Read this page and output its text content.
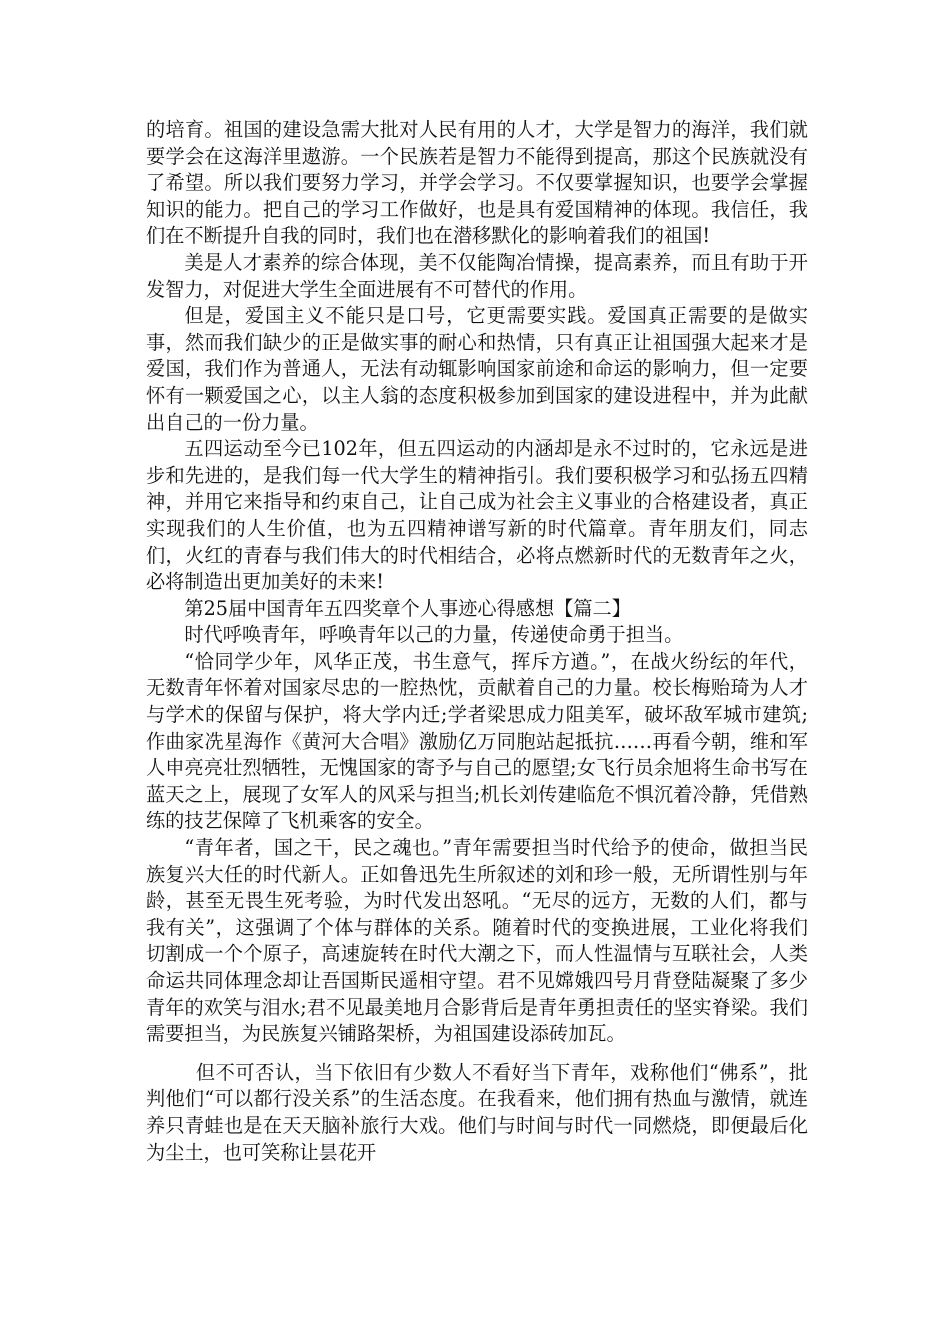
的培育。祖国的建设急需大批对人民有用的人才，大学是智力的海洋，我们就要学会在这海洋里遨游。一个民族若是智力不能得到提高，那这个民族就没有了希望。所以我们要努力学习，并学会学习。不仅要掌握知识，也要学会掌握知识的能力。把自己的学习工作做好，也是具有爱国精神的体现。我信任，我们在不断提升自我的同时，我们也在潜移默化的影响着我们的祖国!

美是人才素养的综合体现，美不仅能陶冶情操，提高素养，而且有助于开发智力，对促进大学生全面进展有不可替代的作用。

但是，爱国主义不能只是口号，它更需要实践。爱国真正需要的是做实事，然而我们缺少的正是做实事的耐心和热情，只有真正让祖国强大起来才是爱国，我们作为普通人，无法有动辄影响国家前途和命运的影响力，但一定要怀有一颗爱国之心，以主人翁的态度积极参加到国家的建设进程中，并为此献出自己的一份力量。

五四运动至今已102年，但五四运动的内涵却是永不过时的，它永远是进步和先进的，是我们每一代大学生的精神指引。我们要积极学习和弘扬五四精神，并用它来指导和约束自己，让自己成为社会主义事业的合格建设者，真正实现我们的人生价值，也为五四精神谱写新的时代篇章。青年朋友们，同志们，火红的青春与我们伟大的时代相结合，必将点燃新时代的无数青年之火，必将制造出更加美好的未来!

第25届中国青年五四奖章个人事迹心得感想【篇二】

时代呼唤青年，呼唤青年以己的力量，传递使命勇于担当。

“恰同学少年，风华正茂，书生意气，挥斥方遒。”，在战火纷纭的年代，无数青年怀着对国家尽忠的一腔热忱，贡献着自己的力量。校长梅贻琦为人才与学术的保留与保护，将大学内迁;学者梁思成力阻美军，破坏敌军城市建筑;作曲家冼星海作《黄河大合唱》激励亿万同胞站起抵抗……再看今朝，维和军人申亮亮壮烈牺牲，无愧国家的寄予与自己的愿望;女飞行员余旭将生命书写在蓝天之上，展现了女军人的风采与担当;机长刘传建临危不惧沉着冷静，凭借熟练的技艺保障了飞机乘客的安全。

“青年者，国之干，民之魂也。”青年需要担当时代给予的使命，做担当民族复兴大任的时代新人。正如鲁迅先生所叙述的刘和珍一般，无所谓性别与年龄，甚至无畏生死考验，为时代发出怒吼。“无尽的远方，无数的人们，都与我有关”，这强调了个体与群体的关系。随着时代的变换进展，工业化将我们切割成一个个原子，高速旋转在时代大潮之下，而人性温情与互联社会，人类命运共同体理念却让吾国斯民遥相守望。君不见嫦娥四号月背登陆凝聚了多少青年的欢笑与泪水;君不见最美地月合影背后是青年勇担责任的坚实脊梁。我们需要担当，为民族复兴铺路架桥，为祖国建设添砖加瓦。

但不可否认，当下依旧有少数人不看好当下青年，戏称他们“佛系”，批判他们“可以都行没关系”的生活态度。在我看来，他们拥有热血与激情，就连养只青蛙也是在天天脑补旅行大戏。他们与时间与时代一同燃烧，即便最后化为尘土，也可笑称让昙花开
